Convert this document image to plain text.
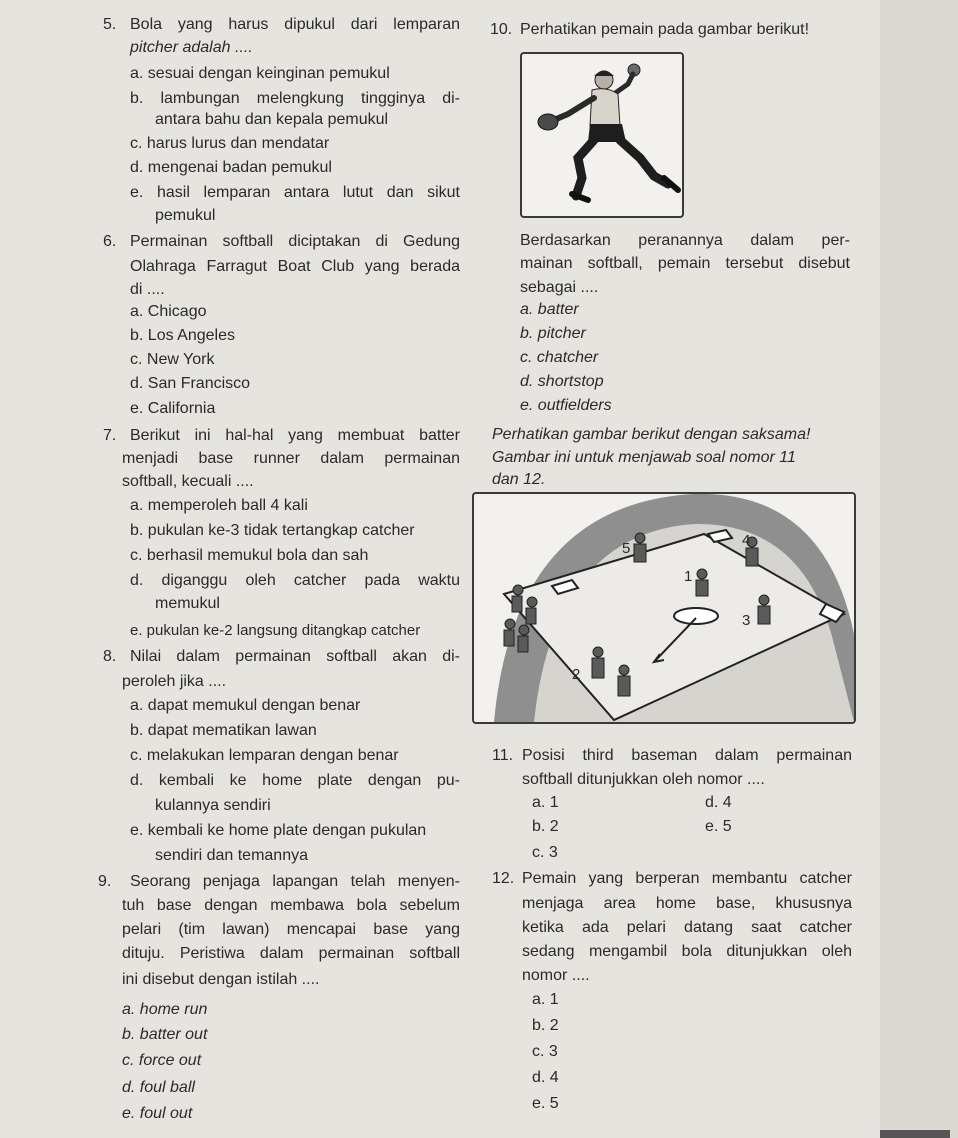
5. Bola yang harus dipukul dari lemparan
pitcher adalah ....
a. sesuai dengan keinginan pemukul
b. lambungan melengkung tingginya di-
antara bahu dan kepala pemukul
c. harus lurus dan mendatar
d. mengenai badan pemukul
e. hasil lemparan antara lutut dan sikut
pemukul
6. Permainan softball diciptakan di Gedung
Olahraga Farragut Boat Club yang berada
di ....
a. Chicago
b. Los Angeles
c. New York
d. San Francisco
e. California
7. Berikut ini hal-hal yang membuat batter
menjadi base runner dalam permainan
softball, kecuali ....
a. memperoleh ball 4 kali
b. pukulan ke-3 tidak tertangkap catcher
c. berhasil memukul bola dan sah
d. diganggu oleh catcher pada waktu
memukul
e. pukulan ke-2 langsung ditangkap catcher
8. Nilai dalam permainan softball akan di-
peroleh jika ....
a. dapat memukul dengan benar
b. dapat mematikan lawan
c. melakukan lemparan dengan benar
d. kembali ke home plate dengan pu-
kulannya sendiri
e. kembali ke home plate dengan pukulan
sendiri dan temannya
9. Seorang penjaga lapangan telah menyen-
tuh base dengan membawa bola sebelum
pelari (tim lawan) mencapai base yang
dituju. Peristiwa dalam permainan softball
ini disebut dengan istilah ....
a. home run
b. batter out
c. force out
d. foul ball
e. foul out
10. Perhatikan pemain pada gambar berikut!
Berdasarkan peranannya dalam per-
mainan softball, pemain tersebut disebut
sebagai ....
a. batter
b. pitcher
c. chatcher
d. shortstop
e. outfielders
Perhatikan gambar berikut dengan saksama!
Gambar ini untuk menjawab soal nomor 11
dan 12.
1
2
3
4
5
11. Posisi third baseman dalam permainan
softball ditunjukkan oleh nomor ....
a. 1
b. 2
c. 3
d. 4
e. 5
12. Pemain yang berperan membantu catcher
menjaga area home base, khususnya
ketika ada pelari datang saat catcher
sedang mengambil bola ditunjukkan oleh
nomor ....
a. 1
b. 2
c. 3
d. 4
e. 5
